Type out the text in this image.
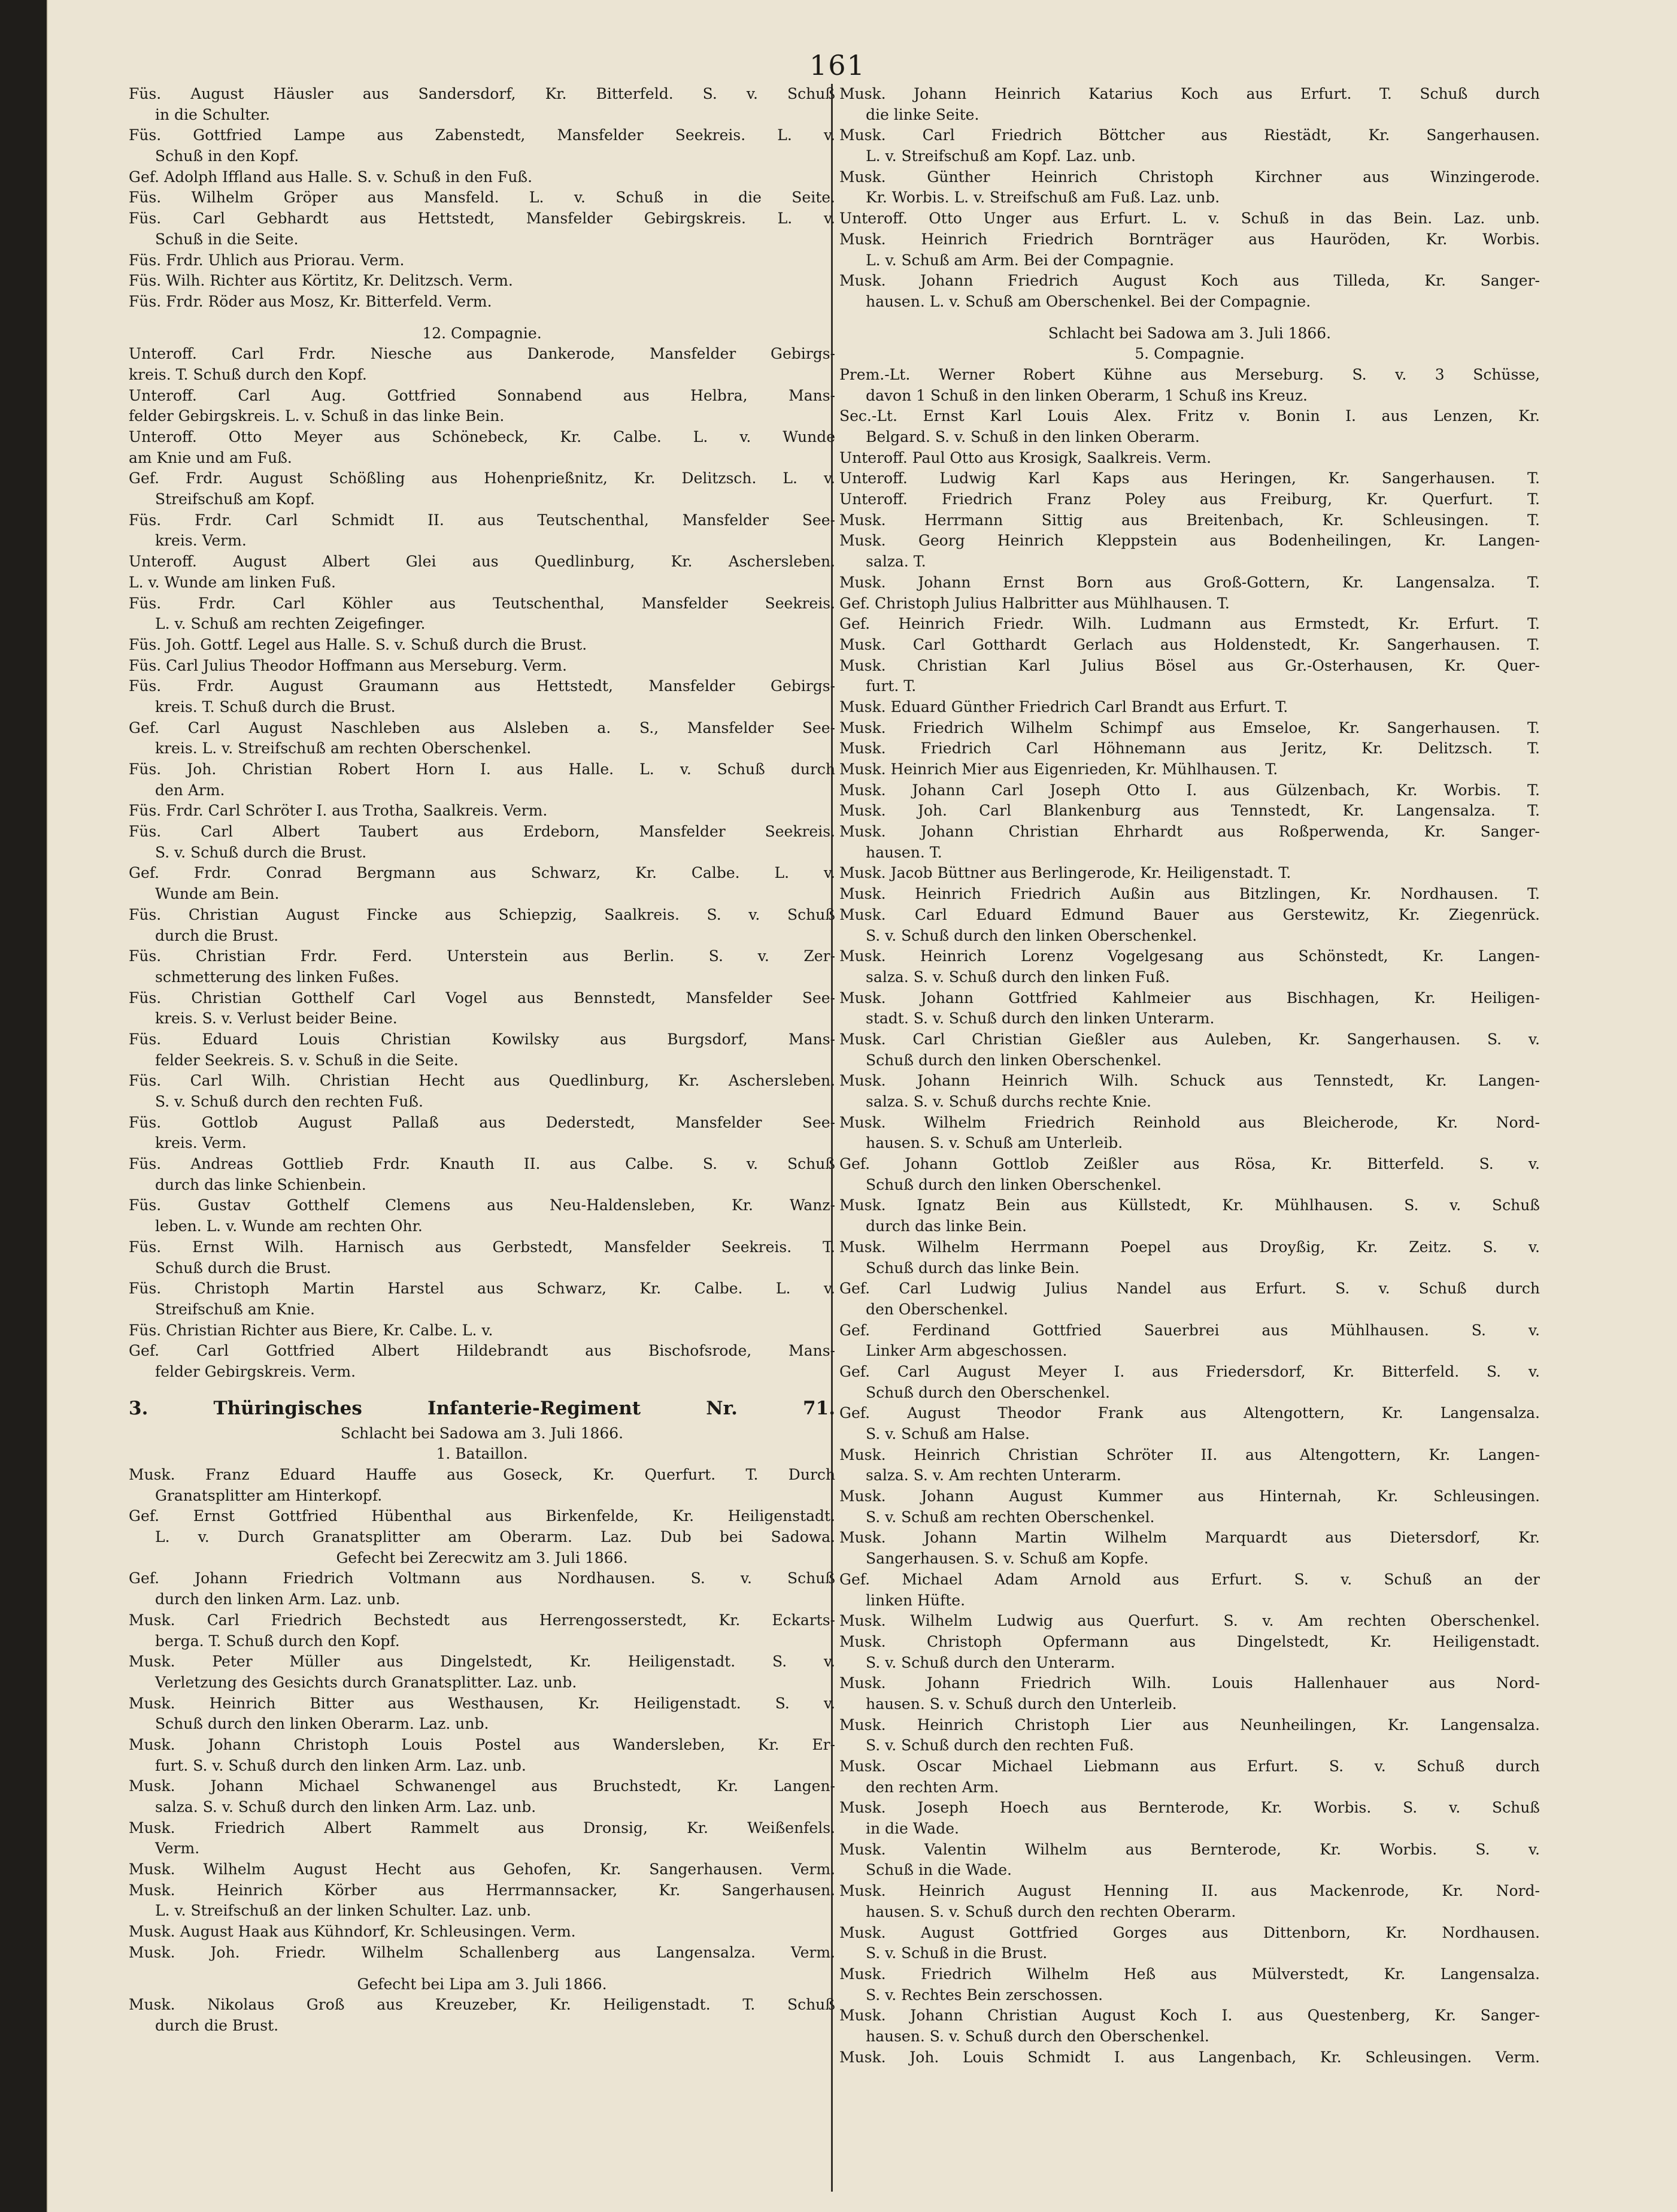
161
Füs. August Häusler aus Sandersdorf, Kr. Bitterfeld. S. v. Schuß
in die Schulter.
Füs. Gottfried Lampe aus Zabenstedt, Mansfelder Seekreis. L. v.
Schuß in den Kopf.
Gef. Adolph Iffland aus Halle. S. v. Schuß in den Fuß.
Füs. Wilhelm Gröper aus Mansfeld. L. v. Schuß in die Seite.
Füs. Carl Gebhardt aus Hettstedt, Mansfelder Gebirgskreis. L. v.
Schuß in die Seite.
Füs. Frdr. Uhlich aus Priorau. Verm.
Füs. Wilh. Richter aus Körtitz, Kr. Delitzsch. Verm.
Füs. Frdr. Röder aus Mosz, Kr. Bitterfeld. Verm.
12. Compagnie.
Unteroff. Carl Frdr. Niesche aus Dankerode, Mansfelder Gebirgs-
kreis. T. Schuß durch den Kopf.
Unteroff. Carl Aug. Gottfried Sonnabend aus Helbra, Mans-
felder Gebirgskreis. L. v. Schuß in das linke Bein.
Unteroff. Otto Meyer aus Schönebeck, Kr. Calbe. L. v. Wunde
am Knie und am Fuß.
Gef. Frdr. August Schößling aus Hohenprießnitz, Kr. Delitzsch. L. v.
Streifschuß am Kopf.
Füs. Frdr. Carl Schmidt II. aus Teutschenthal, Mansfelder See-
kreis. Verm.
Unteroff. August Albert Glei aus Quedlinburg, Kr. Aschersleben.
L. v. Wunde am linken Fuß.
Füs. Frdr. Carl Köhler aus Teutschenthal, Mansfelder Seekreis.
L. v. Schuß am rechten Zeigefinger.
Füs. Joh. Gottf. Legel aus Halle. S. v. Schuß durch die Brust.
Füs. Carl Julius Theodor Hoffmann aus Merseburg. Verm.
Füs. Frdr. August Graumann aus Hettstedt, Mansfelder Gebirgs-
kreis. T. Schuß durch die Brust.
Gef. Carl August Naschleben aus Alsleben a. S., Mansfelder See-
kreis. L. v. Streifschuß am rechten Oberschenkel.
Füs. Joh. Christian Robert Horn I. aus Halle. L. v. Schuß durch
den Arm.
Füs. Frdr. Carl Schröter I. aus Trotha, Saalkreis. Verm.
Füs. Carl Albert Taubert aus Erdeborn, Mansfelder Seekreis.
S. v. Schuß durch die Brust.
Gef. Frdr. Conrad Bergmann aus Schwarz, Kr. Calbe. L. v.
Wunde am Bein.
Füs. Christian August Fincke aus Schiepzig, Saalkreis. S. v. Schuß
durch die Brust.
Füs. Christian Frdr. Ferd. Unterstein aus Berlin. S. v. Zer-
schmetterung des linken Fußes.
Füs. Christian Gotthelf Carl Vogel aus Bennstedt, Mansfelder See-
kreis. S. v. Verlust beider Beine.
Füs. Eduard Louis Christian Kowilsky aus Burgsdorf, Mans-
felder Seekreis. S. v. Schuß in die Seite.
Füs. Carl Wilh. Christian Hecht aus Quedlinburg, Kr. Aschersleben.
S. v. Schuß durch den rechten Fuß.
Füs. Gottlob August Pallaß aus Dederstedt, Mansfelder See-
kreis. Verm.
Füs. Andreas Gottlieb Frdr. Knauth II. aus Calbe. S. v. Schuß
durch das linke Schienbein.
Füs. Gustav Gotthelf Clemens aus Neu-Haldensleben, Kr. Wanz-
leben. L. v. Wunde am rechten Ohr.
Füs. Ernst Wilh. Harnisch aus Gerbstedt, Mansfelder Seekreis. T.
Schuß durch die Brust.
Füs. Christoph Martin Harstel aus Schwarz, Kr. Calbe. L. v.
Streifschuß am Knie.
Füs. Christian Richter aus Biere, Kr. Calbe. L. v.
Gef. Carl Gottfried Albert Hildebrandt aus Bischofsrode, Mans-
felder Gebirgskreis. Verm.
3. Thüringisches Infanterie-Regiment Nr. 71.
Schlacht bei Sadowa am 3. Juli 1866.
1. Bataillon.
Musk. Franz Eduard Hauffe aus Goseck, Kr. Querfurt. T. Durch
Granatsplitter am Hinterkopf.
Gef. Ernst Gottfried Hübenthal aus Birkenfelde, Kr. Heiligenstadt.
L. v. Durch Granatsplitter am Oberarm. Laz. Dub bei Sadowa.
Gefecht bei Zerecwitz am 3. Juli 1866.
Gef. Johann Friedrich Voltmann aus Nordhausen. S. v. Schuß
durch den linken Arm. Laz. unb.
Musk. Carl Friedrich Bechstedt aus Herrengosserstedt, Kr. Eckarts-
berga. T. Schuß durch den Kopf.
Musk. Peter Müller aus Dingelstedt, Kr. Heiligenstadt. S. v.
Verletzung des Gesichts durch Granatsplitter. Laz. unb.
Musk. Heinrich Bitter aus Westhausen, Kr. Heiligenstadt. S. v.
Schuß durch den linken Oberarm. Laz. unb.
Musk. Johann Christoph Louis Postel aus Wandersleben, Kr. Er-
furt. S. v. Schuß durch den linken Arm. Laz. unb.
Musk. Johann Michael Schwanengel aus Bruchstedt, Kr. Langen-
salza. S. v. Schuß durch den linken Arm. Laz. unb.
Musk. Friedrich Albert Rammelt aus Dronsig, Kr. Weißenfels.
Verm.
Musk. Wilhelm August Hecht aus Gehofen, Kr. Sangerhausen. Verm.
Musk. Heinrich Körber aus Herrmannsacker, Kr. Sangerhausen.
L. v. Streifschuß an der linken Schulter. Laz. unb.
Musk. August Haak aus Kühndorf, Kr. Schleusingen. Verm.
Musk. Joh. Friedr. Wilhelm Schallenberg aus Langensalza. Verm.
Gefecht bei Lipa am 3. Juli 1866.
Musk. Nikolaus Groß aus Kreuzeber, Kr. Heiligenstadt. T. Schuß
durch die Brust.
Musk. Johann Heinrich Katarius Koch aus Erfurt. T. Schuß durch
die linke Seite.
Musk. Carl Friedrich Böttcher aus Riestädt, Kr. Sangerhausen.
L. v. Streifschuß am Kopf. Laz. unb.
Musk. Günther Heinrich Christoph Kirchner aus Winzingerode.
Kr. Worbis. L. v. Streifschuß am Fuß. Laz. unb.
Unteroff. Otto Unger aus Erfurt. L. v. Schuß in das Bein. Laz. unb.
Musk. Heinrich Friedrich Bornträger aus Hauröden, Kr. Worbis.
L. v. Schuß am Arm. Bei der Compagnie.
Musk. Johann Friedrich August Koch aus Tilleda, Kr. Sanger-
hausen. L. v. Schuß am Oberschenkel. Bei der Compagnie.
Schlacht bei Sadowa am 3. Juli 1866.
5. Compagnie.
Prem.-Lt. Werner Robert Kühne aus Merseburg. S. v. 3 Schüsse,
davon 1 Schuß in den linken Oberarm, 1 Schuß ins Kreuz.
Sec.-Lt. Ernst Karl Louis Alex. Fritz v. Bonin I. aus Lenzen, Kr.
Belgard. S. v. Schuß in den linken Oberarm.
Unteroff. Paul Otto aus Krosigk, Saalkreis. Verm.
Unteroff. Ludwig Karl Kaps aus Heringen, Kr. Sangerhausen. T.
Unteroff. Friedrich Franz Poley aus Freiburg, Kr. Querfurt. T.
Musk. Herrmann Sittig aus Breitenbach, Kr. Schleusingen. T.
Musk. Georg Heinrich Kleppstein aus Bodenheilingen, Kr. Langen-
salza. T.
Musk. Johann Ernst Born aus Groß-Gottern, Kr. Langensalza. T.
Gef. Christoph Julius Halbritter aus Mühlhausen. T.
Gef. Heinrich Friedr. Wilh. Ludmann aus Ermstedt, Kr. Erfurt. T.
Musk. Carl Gotthardt Gerlach aus Holdenstedt, Kr. Sangerhausen. T.
Musk. Christian Karl Julius Bösel aus Gr.-Osterhausen, Kr. Quer-
furt. T.
Musk. Eduard Günther Friedrich Carl Brandt aus Erfurt. T.
Musk. Friedrich Wilhelm Schimpf aus Emseloe, Kr. Sangerhausen. T.
Musk. Friedrich Carl Höhnemann aus Jeritz, Kr. Delitzsch. T.
Musk. Heinrich Mier aus Eigenrieden, Kr. Mühlhausen. T.
Musk. Johann Carl Joseph Otto I. aus Gülzenbach, Kr. Worbis. T.
Musk. Joh. Carl Blankenburg aus Tennstedt, Kr. Langensalza. T.
Musk. Johann Christian Ehrhardt aus Roßperwenda, Kr. Sanger-
hausen. T.
Musk. Jacob Büttner aus Berlingerode, Kr. Heiligenstadt. T.
Musk. Heinrich Friedrich Außin aus Bitzlingen, Kr. Nordhausen. T.
Musk. Carl Eduard Edmund Bauer aus Gerstewitz, Kr. Ziegenrück.
S. v. Schuß durch den linken Oberschenkel.
Musk. Heinrich Lorenz Vogelgesang aus Schönstedt, Kr. Langen-
salza. S. v. Schuß durch den linken Fuß.
Musk. Johann Gottfried Kahlmeier aus Bischhagen, Kr. Heiligen-
stadt. S. v. Schuß durch den linken Unterarm.
Musk. Carl Christian Gießler aus Auleben, Kr. Sangerhausen. S. v.
Schuß durch den linken Oberschenkel.
Musk. Johann Heinrich Wilh. Schuck aus Tennstedt, Kr. Langen-
salza. S. v. Schuß durchs rechte Knie.
Musk. Wilhelm Friedrich Reinhold aus Bleicherode, Kr. Nord-
hausen. S. v. Schuß am Unterleib.
Gef. Johann Gottlob Zeißler aus Rösa, Kr. Bitterfeld. S. v.
Schuß durch den linken Oberschenkel.
Musk. Ignatz Bein aus Küllstedt, Kr. Mühlhausen. S. v. Schuß
durch das linke Bein.
Musk. Wilhelm Herrmann Poepel aus Droyßig, Kr. Zeitz. S. v.
Schuß durch das linke Bein.
Gef. Carl Ludwig Julius Nandel aus Erfurt. S. v. Schuß durch
den Oberschenkel.
Gef. Ferdinand Gottfried Sauerbrei aus Mühlhausen. S. v.
Linker Arm abgeschossen.
Gef. Carl August Meyer I. aus Friedersdorf, Kr. Bitterfeld. S. v.
Schuß durch den Oberschenkel.
Gef. August Theodor Frank aus Altengottern, Kr. Langensalza.
S. v. Schuß am Halse.
Musk. Heinrich Christian Schröter II. aus Altengottern, Kr. Langen-
salza. S. v. Am rechten Unterarm.
Musk. Johann August Kummer aus Hinternah, Kr. Schleusingen.
S. v. Schuß am rechten Oberschenkel.
Musk. Johann Martin Wilhelm Marquardt aus Dietersdorf, Kr.
Sangerhausen. S. v. Schuß am Kopfe.
Gef. Michael Adam Arnold aus Erfurt. S. v. Schuß an der
linken Hüfte.
Musk. Wilhelm Ludwig aus Querfurt. S. v. Am rechten Oberschenkel.
Musk. Christoph Opfermann aus Dingelstedt, Kr. Heiligenstadt.
S. v. Schuß durch den Unterarm.
Musk. Johann Friedrich Wilh. Louis Hallenhauer aus Nord-
hausen. S. v. Schuß durch den Unterleib.
Musk. Heinrich Christoph Lier aus Neunheilingen, Kr. Langensalza.
S. v. Schuß durch den rechten Fuß.
Musk. Oscar Michael Liebmann aus Erfurt. S. v. Schuß durch
den rechten Arm.
Musk. Joseph Hoech aus Bernterode, Kr. Worbis. S. v. Schuß
in die Wade.
Musk. Valentin Wilhelm aus Bernterode, Kr. Worbis. S. v.
Schuß in die Wade.
Musk. Heinrich August Henning II. aus Mackenrode, Kr. Nord-
hausen. S. v. Schuß durch den rechten Oberarm.
Musk. August Gottfried Gorges aus Dittenborn, Kr. Nordhausen.
S. v. Schuß in die Brust.
Musk. Friedrich Wilhelm Heß aus Mülverstedt, Kr. Langensalza.
S. v. Rechtes Bein zerschossen.
Musk. Johann Christian August Koch I. aus Questenberg, Kr. Sanger-
hausen. S. v. Schuß durch den Oberschenkel.
Musk. Joh. Louis Schmidt I. aus Langenbach, Kr. Schleusingen. Verm.
